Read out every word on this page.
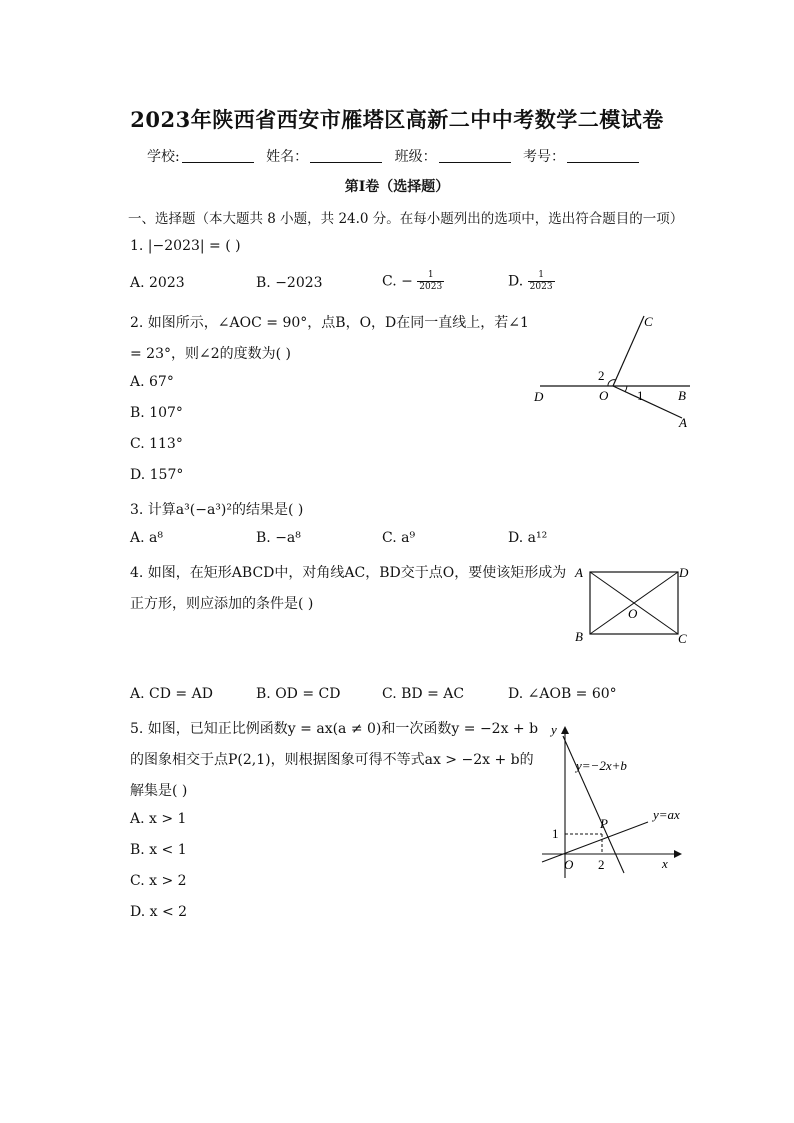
2023年陕西省西安市雁塔区高新二中中考数学二模试卷
学校:	姓名：	班级：	考号：
第Ⅰ卷（选择题）
一、选择题（本大题共 8 小题，共 24.0 分。在每小题列出的选项中，选出符合题目的一项）
1. |−2023| = ( )
A. 2023	B. −2023	C. − $\frac{1}{2023}$	D. $\frac{1}{2023}$
2. 如图所示，∠AOC = 90°，点B，O，D在同一直线上，若∠1
= 23°，则∠2的度数为( )
A. 67°
B. 107°
C. 113°
D. 157°
C
2
D	O 1	B
A
3. 计算a³(−a³)²的结果是( )
A. a⁸	B. −a⁸	C. a⁹	D. a¹²
4. 如图，在矩形ABCD中，对角线AC，BD交于点O，要使该矩形成为
正方形，则应添加的条件是( )
A	D
O
B	C
A. CD = AD	B. OD = CD	C. BD = AC	D. ∠AOB = 60°
5. 如图，已知正比例函数y = ax(a ≠ 0)和一次函数y = −2x + b
的图象相交于点P(2,1)，则根据图象可得不等式ax > −2x + b的
解集是( )
A. x > 1
B. x < 1
C. x > 2
D. x < 2
y
y=−2x+b
P
y=ax
1
O 2	x
